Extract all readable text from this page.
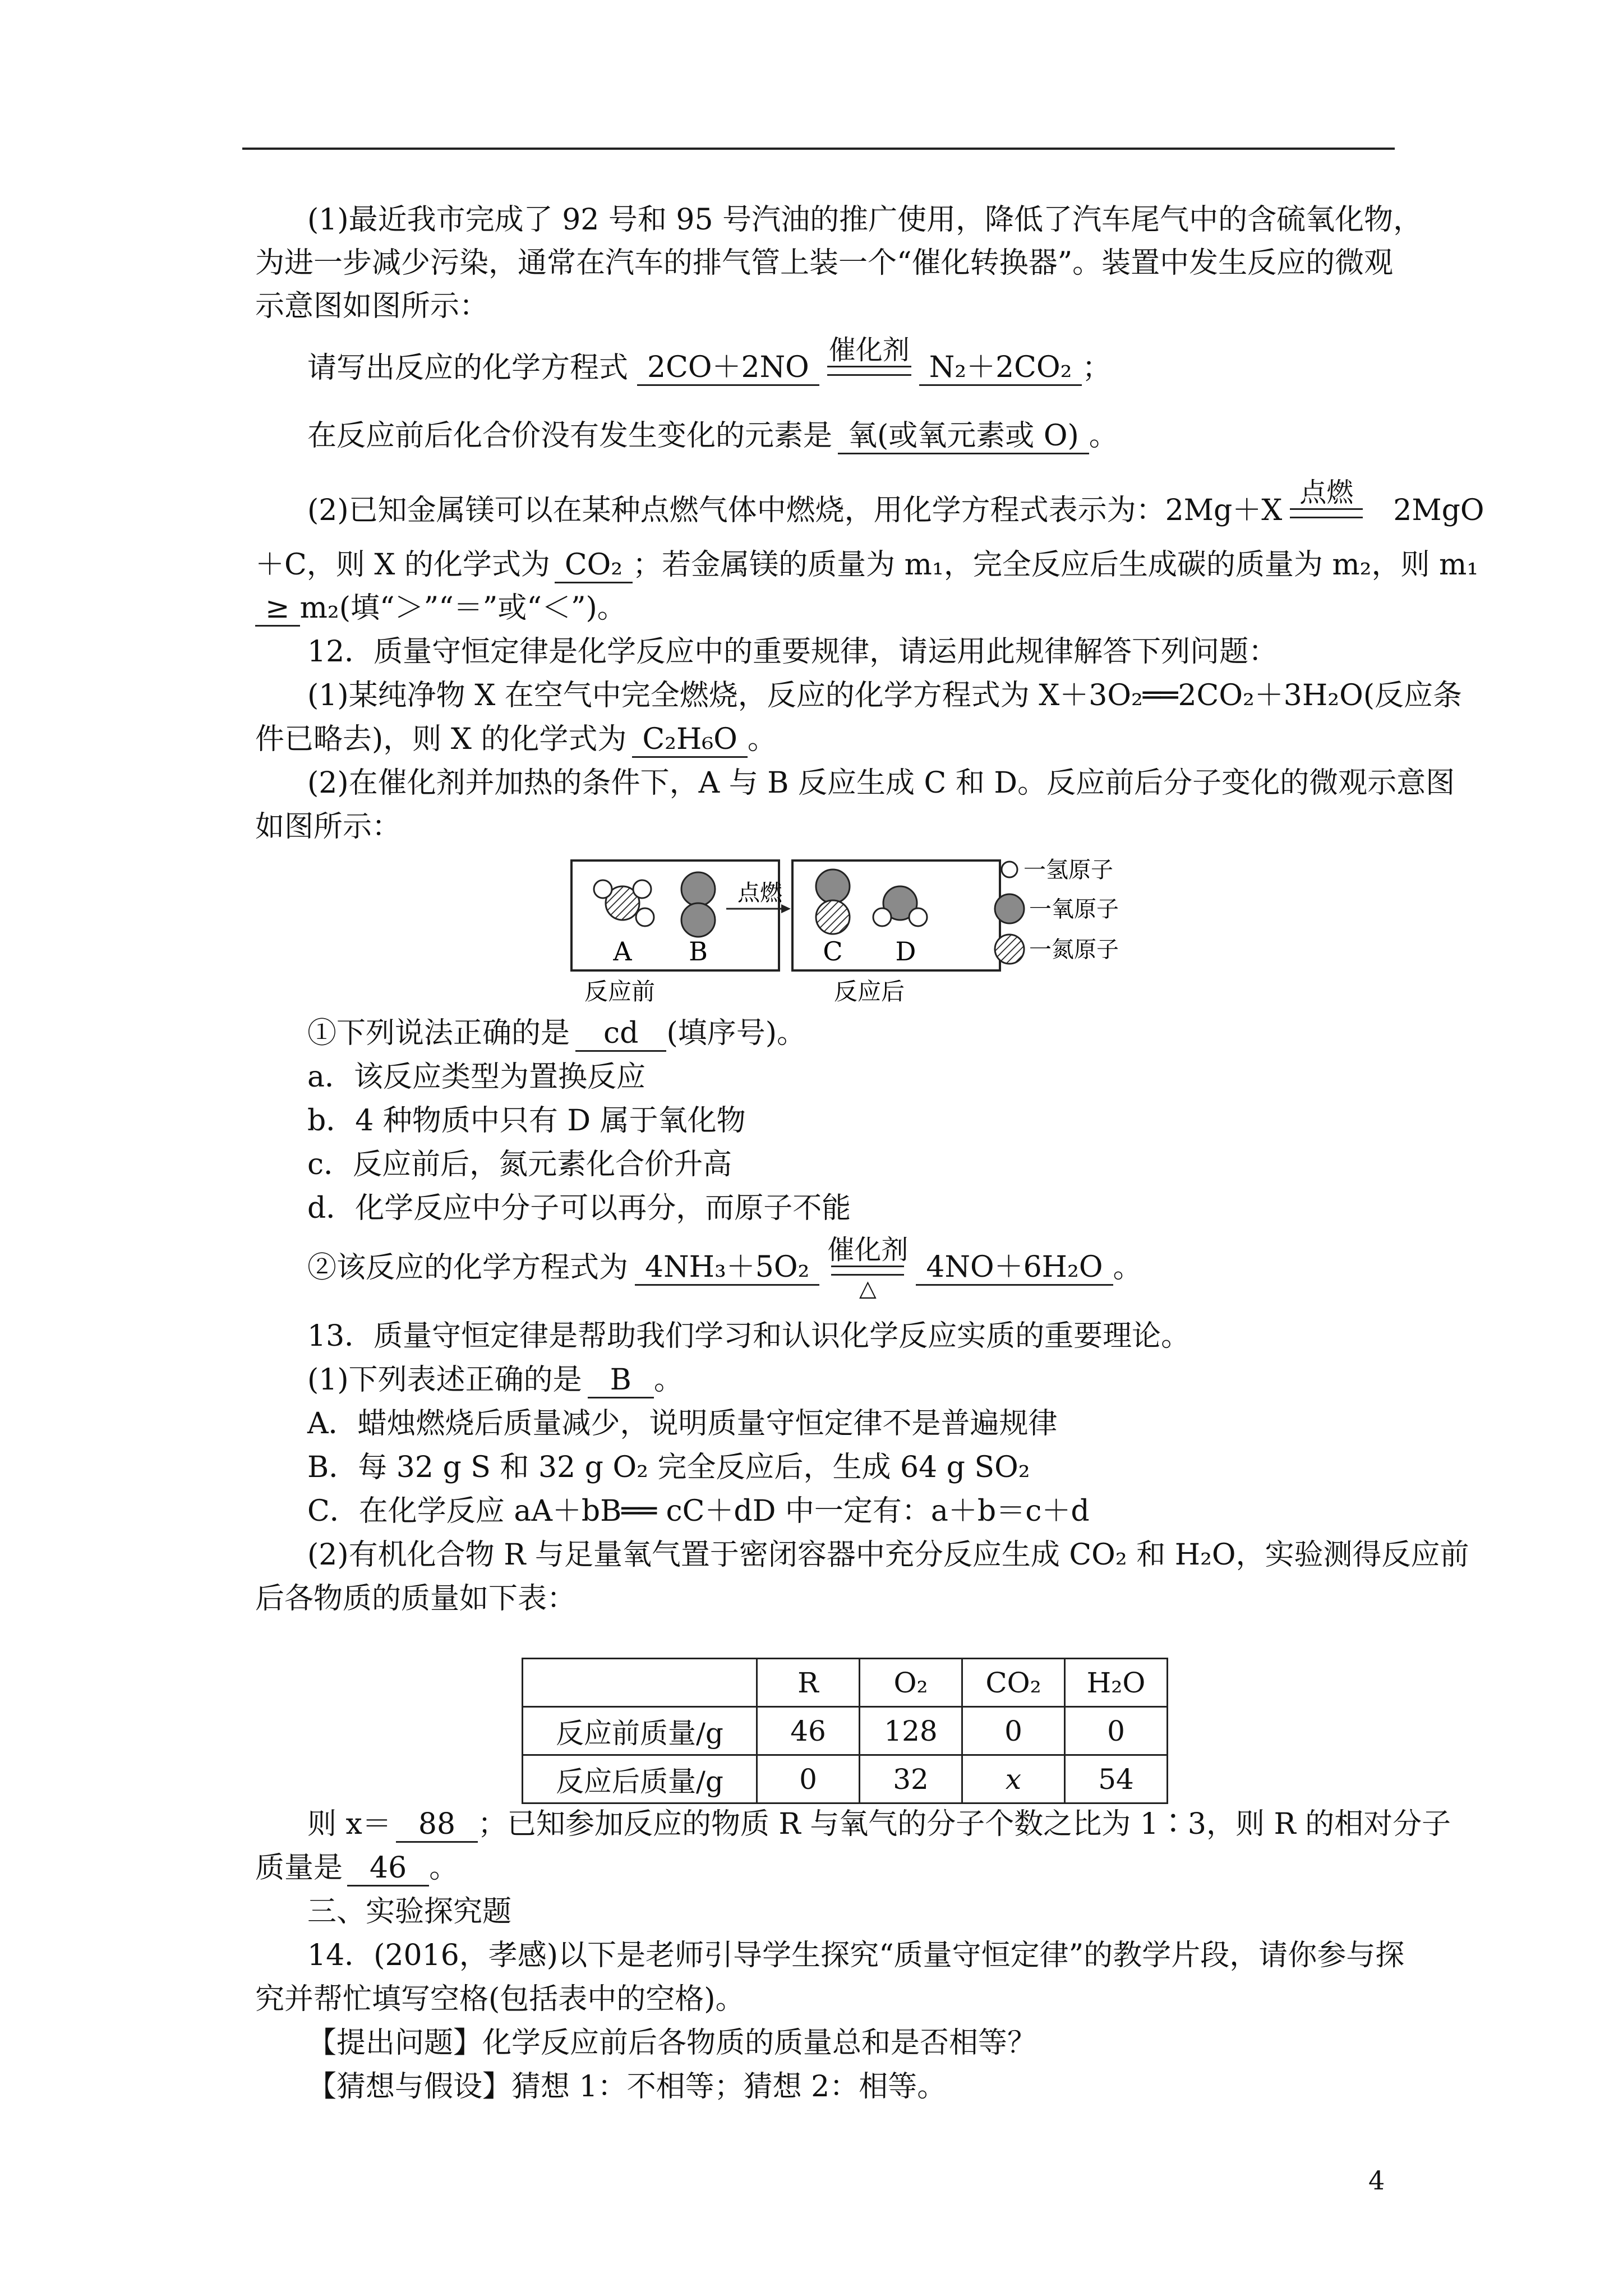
(1)最近我市完成了 92 号和 95 号汽油的推广使用，降低了汽车尾气中的含硫氧化物，
为进一步减少污染，通常在汽车的排气管上装一个“催化转换器”。装置中发生反应的微观
示意图如图所示：
请写出反应的化学方程式 2CO＋2NO
催化剂
N₂＋2CO₂ ；
在反应前后化合价没有发生变化的元素是 氧(或氧元素或 O) 。
(2)已知金属镁可以在某种点燃气体中燃烧，用化学方程式表示为：2Mg＋X
点燃
2MgO
＋C，则 X 的化学式为 CO₂ ；若金属镁的质量为 m₁，完全反应后生成碳的质量为 m₂，则 m₁
≥ m₂(填“＞”“＝”或“＜”)。
12．质量守恒定律是化学反应中的重要规律，请运用此规律解答下列问题：
(1)某纯净物 X 在空气中完全燃烧，反应的化学方程式为 X＋3O₂══2CO₂＋3H₂O(反应条
件已略去)，则 X 的化学式为 C₂H₆O 。
(2)在催化剂并加热的条件下，A 与 B 反应生成 C 和 D。反应前后分子变化的微观示意图
如图所示：
A B
点燃
C D
反应前	反应后
一氢原子
一氧原子
一氮原子
①下列说法正确的是 cd (填序号)。
a．该反应类型为置换反应
b．4 种物质中只有 D 属于氧化物
c．反应前后，氮元素化合价升高
d．化学反应中分子可以再分，而原子不能
②该反应的化学方程式为 4NH₃＋5O₂
催化剂
△
4NO＋6H₂O 。
13．质量守恒定律是帮助我们学习和认识化学反应实质的重要理论。
(1)下列表述正确的是 B 。
A．蜡烛燃烧后质量减少，说明质量守恒定律不是普遍规律
B．每 32 g S 和 32 g O₂ 完全反应后，生成 64 g SO₂
C．在化学反应 aA＋bB══ cC＋dD 中一定有：a＋b＝c＋d
(2)有机化合物 R 与足量氧气置于密闭容器中充分反应生成 CO₂ 和 H₂O，实验测得反应前
后各物质的质量如下表：
	R	O₂	CO₂	H₂O
反应前质量/g	46	128	0	0
反应后质量/g	0	32	x	54
则 x＝ 88 ；已知参加反应的物质 R 与氧气的分子个数之比为 1∶3，则 R 的相对分子
质量是 46 。
三、实验探究题
14．(2016，孝感)以下是老师引导学生探究“质量守恒定律”的教学片段，请你参与探
究并帮忙填写空格(包括表中的空格)。
【提出问题】化学反应前后各物质的质量总和是否相等？
【猜想与假设】猜想 1：不相等；猜想 2：相等。
4
